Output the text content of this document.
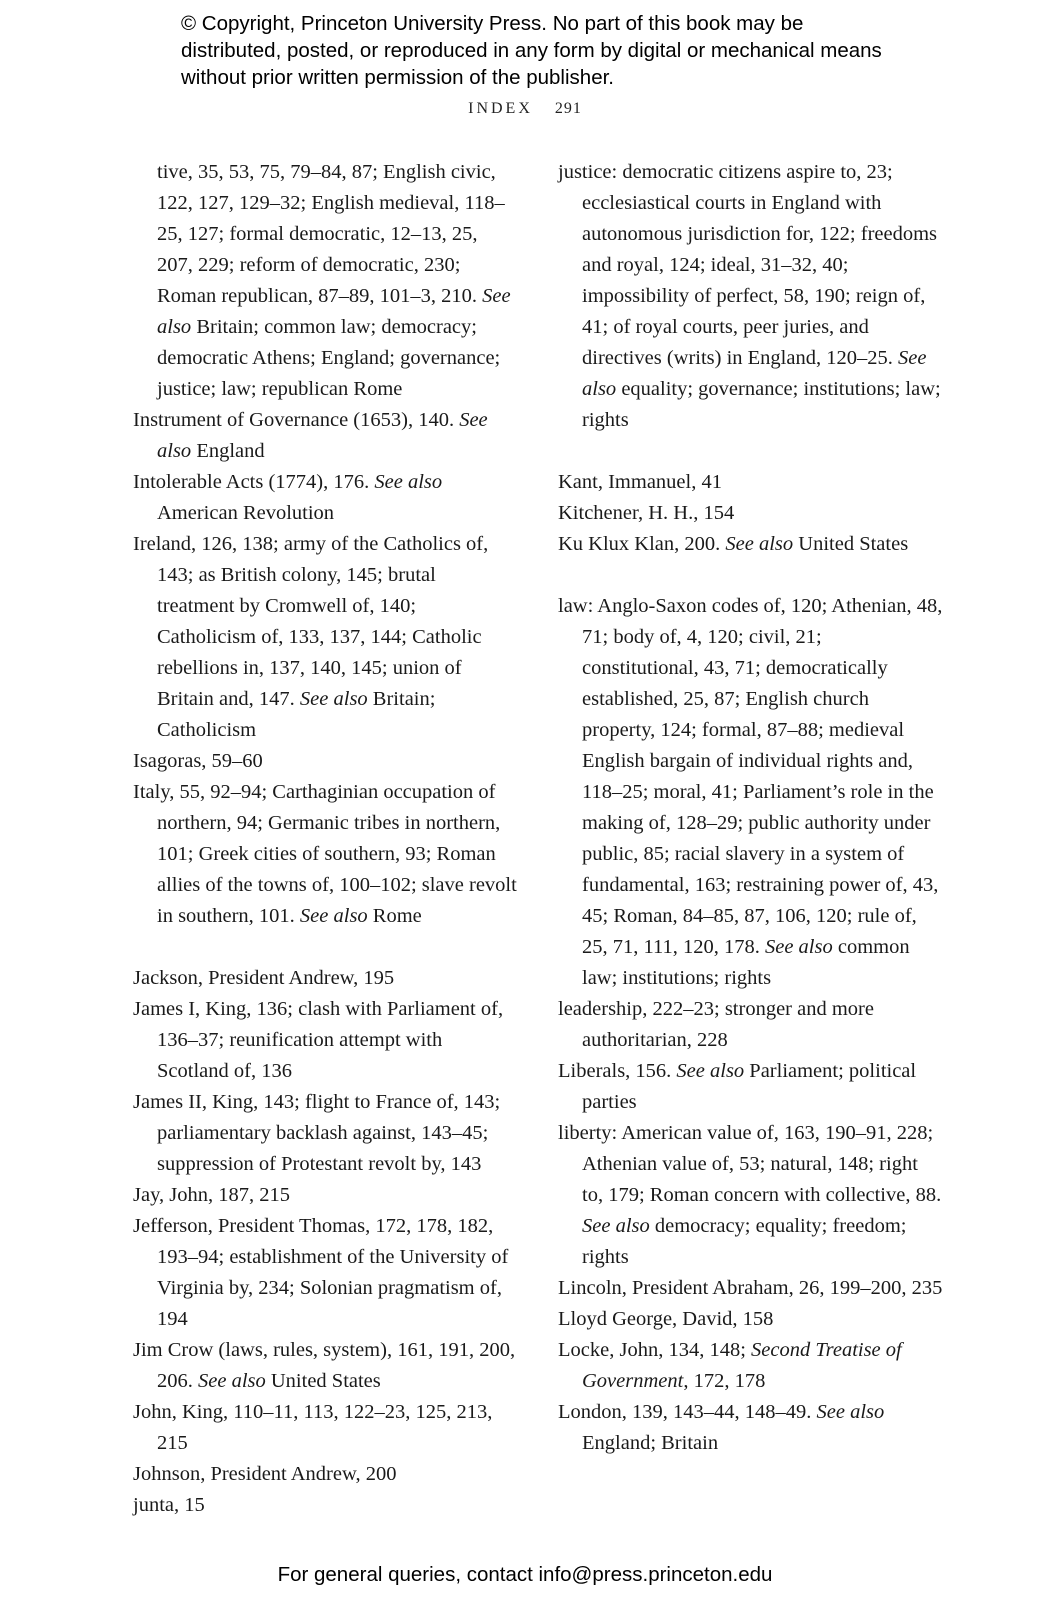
© Copyright, Princeton University Press. No part of this book may be distributed, posted, or reproduced in any form by digital or mechanical means without prior written permission of the publisher.
INDEX 291
tive, 35, 53, 75, 79–84, 87; English civic, 122, 127, 129–32; English medieval, 118–25, 127; formal democratic, 12–13, 25, 207, 229; reform of democratic, 230; Roman republican, 87–89, 101–3, 210. See also Britain; common law; democracy; democratic Athens; England; governance; justice; law; republican Rome
Instrument of Governance (1653), 140. See also England
Intolerable Acts (1774), 176. See also American Revolution
Ireland, 126, 138; army of the Catholics of, 143; as British colony, 145; brutal treatment by Cromwell of, 140; Catholicism of, 133, 137, 144; Catholic rebellions in, 137, 140, 145; union of Britain and, 147. See also Britain; Catholicism
Isagoras, 59–60
Italy, 55, 92–94; Carthaginian occupation of northern, 94; Germanic tribes in northern, 101; Greek cities of southern, 93; Roman allies of the towns of, 100–102; slave revolt in southern, 101. See also Rome
Jackson, President Andrew, 195
James I, King, 136; clash with Parliament of, 136–37; reunification attempt with Scotland of, 136
James II, King, 143; flight to France of, 143; parliamentary backlash against, 143–45; suppression of Protestant revolt by, 143
Jay, John, 187, 215
Jefferson, President Thomas, 172, 178, 182, 193–94; establishment of the University of Virginia by, 234; Solonian pragmatism of, 194
Jim Crow (laws, rules, system), 161, 191, 200, 206. See also United States
John, King, 110–11, 113, 122–23, 125, 213, 215
Johnson, President Andrew, 200
junta, 15
justice: democratic citizens aspire to, 23; ecclesiastical courts in England with autonomous jurisdiction for, 122; freedoms and royal, 124; ideal, 31–32, 40; impossibility of perfect, 58, 190; reign of, 41; of royal courts, peer juries, and directives (writs) in England, 120–25. See also equality; governance; institutions; law; rights
Kant, Immanuel, 41
Kitchener, H. H., 154
Ku Klux Klan, 200. See also United States
law: Anglo-Saxon codes of, 120; Athenian, 48, 71; body of, 4, 120; civil, 21; constitutional, 43, 71; democratically established, 25, 87; English church property, 124; formal, 87–88; medieval English bargain of individual rights and, 118–25; moral, 41; Parliament’s role in the making of, 128–29; public authority under public, 85; racial slavery in a system of fundamental, 163; restraining power of, 43, 45; Roman, 84–85, 87, 106, 120; rule of, 25, 71, 111, 120, 178. See also common law; institutions; rights
leadership, 222–23; stronger and more authoritarian, 228
Liberals, 156. See also Parliament; political parties
liberty: American value of, 163, 190–91, 228; Athenian value of, 53; natural, 148; right to, 179; Roman concern with collective, 88. See also democracy; equality; freedom; rights
Lincoln, President Abraham, 26, 199–200, 235
Lloyd George, David, 158
Locke, John, 134, 148; Second Treatise of Government, 172, 178
London, 139, 143–44, 148–49. See also England; Britain
For general queries, contact info@press.princeton.edu
